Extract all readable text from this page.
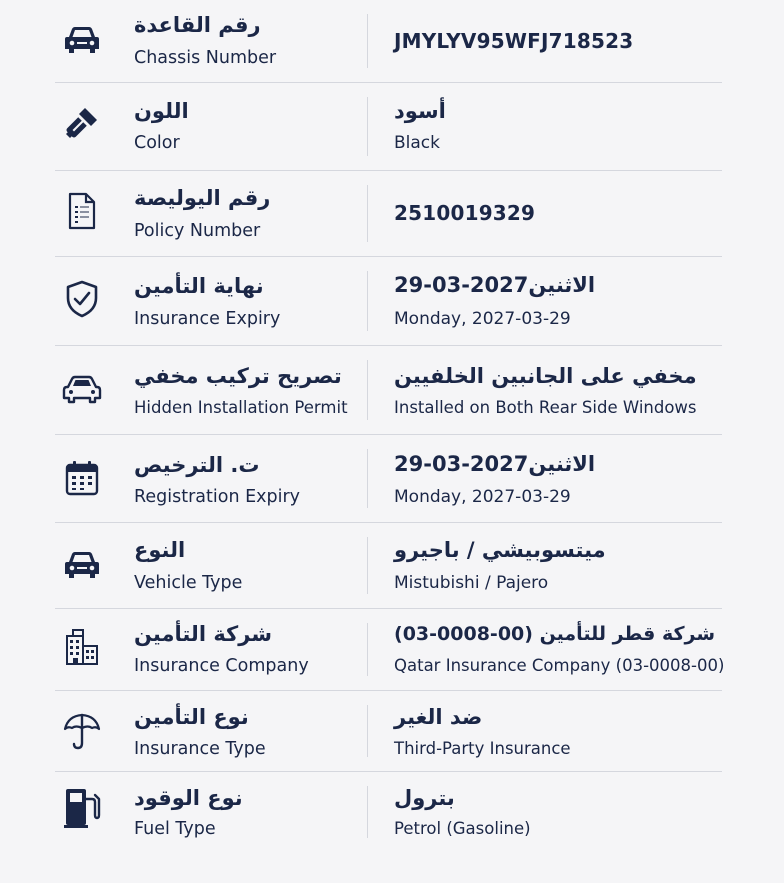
رقم القاعدة
Chassis Number
JMYLYV95WFJ718523
اللون
Color
أسود
Black
رقم اليوليصة
Policy Number
2510019329
نهاية التأمين
Insurance Expiry
الاثنين2027-03-29
Monday, 2027-03-29
تصريح تركيب مخفي
Hidden Installation Permit
مخفي على الجانبين الخلفيين
Installed on Both Rear Side Windows
ت. الترخيص
Registration Expiry
الاثنين2027-03-29
Monday, 2027-03-29
النوع
Vehicle Type
ميتسوبيشي / باجيرو
Mistubishi / Pajero
شركة التأمين
Insurance Company
شركة قطر للتأمين (00-0008-03)
Qatar Insurance Company (03-0008-00)
نوع التأمين
Insurance Type
ضد الغير
Third-Party Insurance
نوع الوقود
Fuel Type
بترول
Petrol (Gasoline)
